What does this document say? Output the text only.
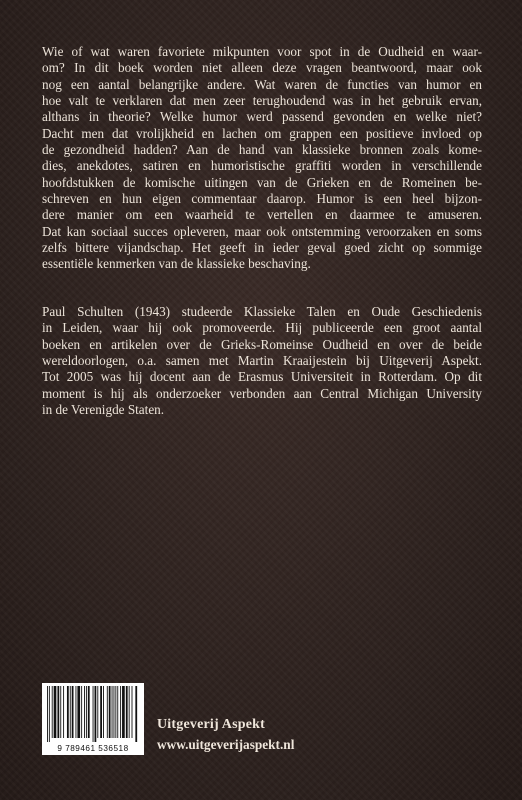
Wie of wat waren favoriete mikpunten voor spot in de Oudheid en waar-
om? In dit boek worden niet alleen deze vragen beantwoord, maar ook
nog een aantal belangrijke andere. Wat waren de functies van humor en
hoe valt te verklaren dat men zeer terughoudend was in het gebruik ervan,
althans in theorie? Welke humor werd passend gevonden en welke niet?
Dacht men dat vrolijkheid en lachen om grappen een positieve invloed op
de gezondheid hadden? Aan de hand van klassieke bronnen zoals kome-
dies, anekdotes, satiren en humoristische graffiti worden in verschillende
hoofdstukken de komische uitingen van de Grieken en de Romeinen be-
schreven en hun eigen commentaar daarop. Humor is een heel bijzon-
dere manier om een waarheid te vertellen en daarmee te amuseren.
Dat kan sociaal succes opleveren, maar ook ontstemming veroorzaken en soms
zelfs bittere vijandschap. Het geeft in ieder geval goed zicht op sommige
essentiële kenmerken van de klassieke beschaving.

Paul Schulten (1943) studeerde Klassieke Talen en Oude Geschiedenis
in Leiden, waar hij ook promoveerde. Hij publiceerde een groot aantal
boeken en artikelen over de Grieks-Romeinse Oudheid en over de beide
wereldoorlogen, o.a. samen met Martin Kraaijestein bij Uitgeverij Aspekt.
Tot 2005 was hij docent aan de Erasmus Universiteit in Rotterdam. Op dit
moment is hij als onderzoeker verbonden aan Central Michigan University
in de Verenigde Staten.

9 789461 536518
Uitgeverij Aspekt
www.uitgeverijaspekt.nl
